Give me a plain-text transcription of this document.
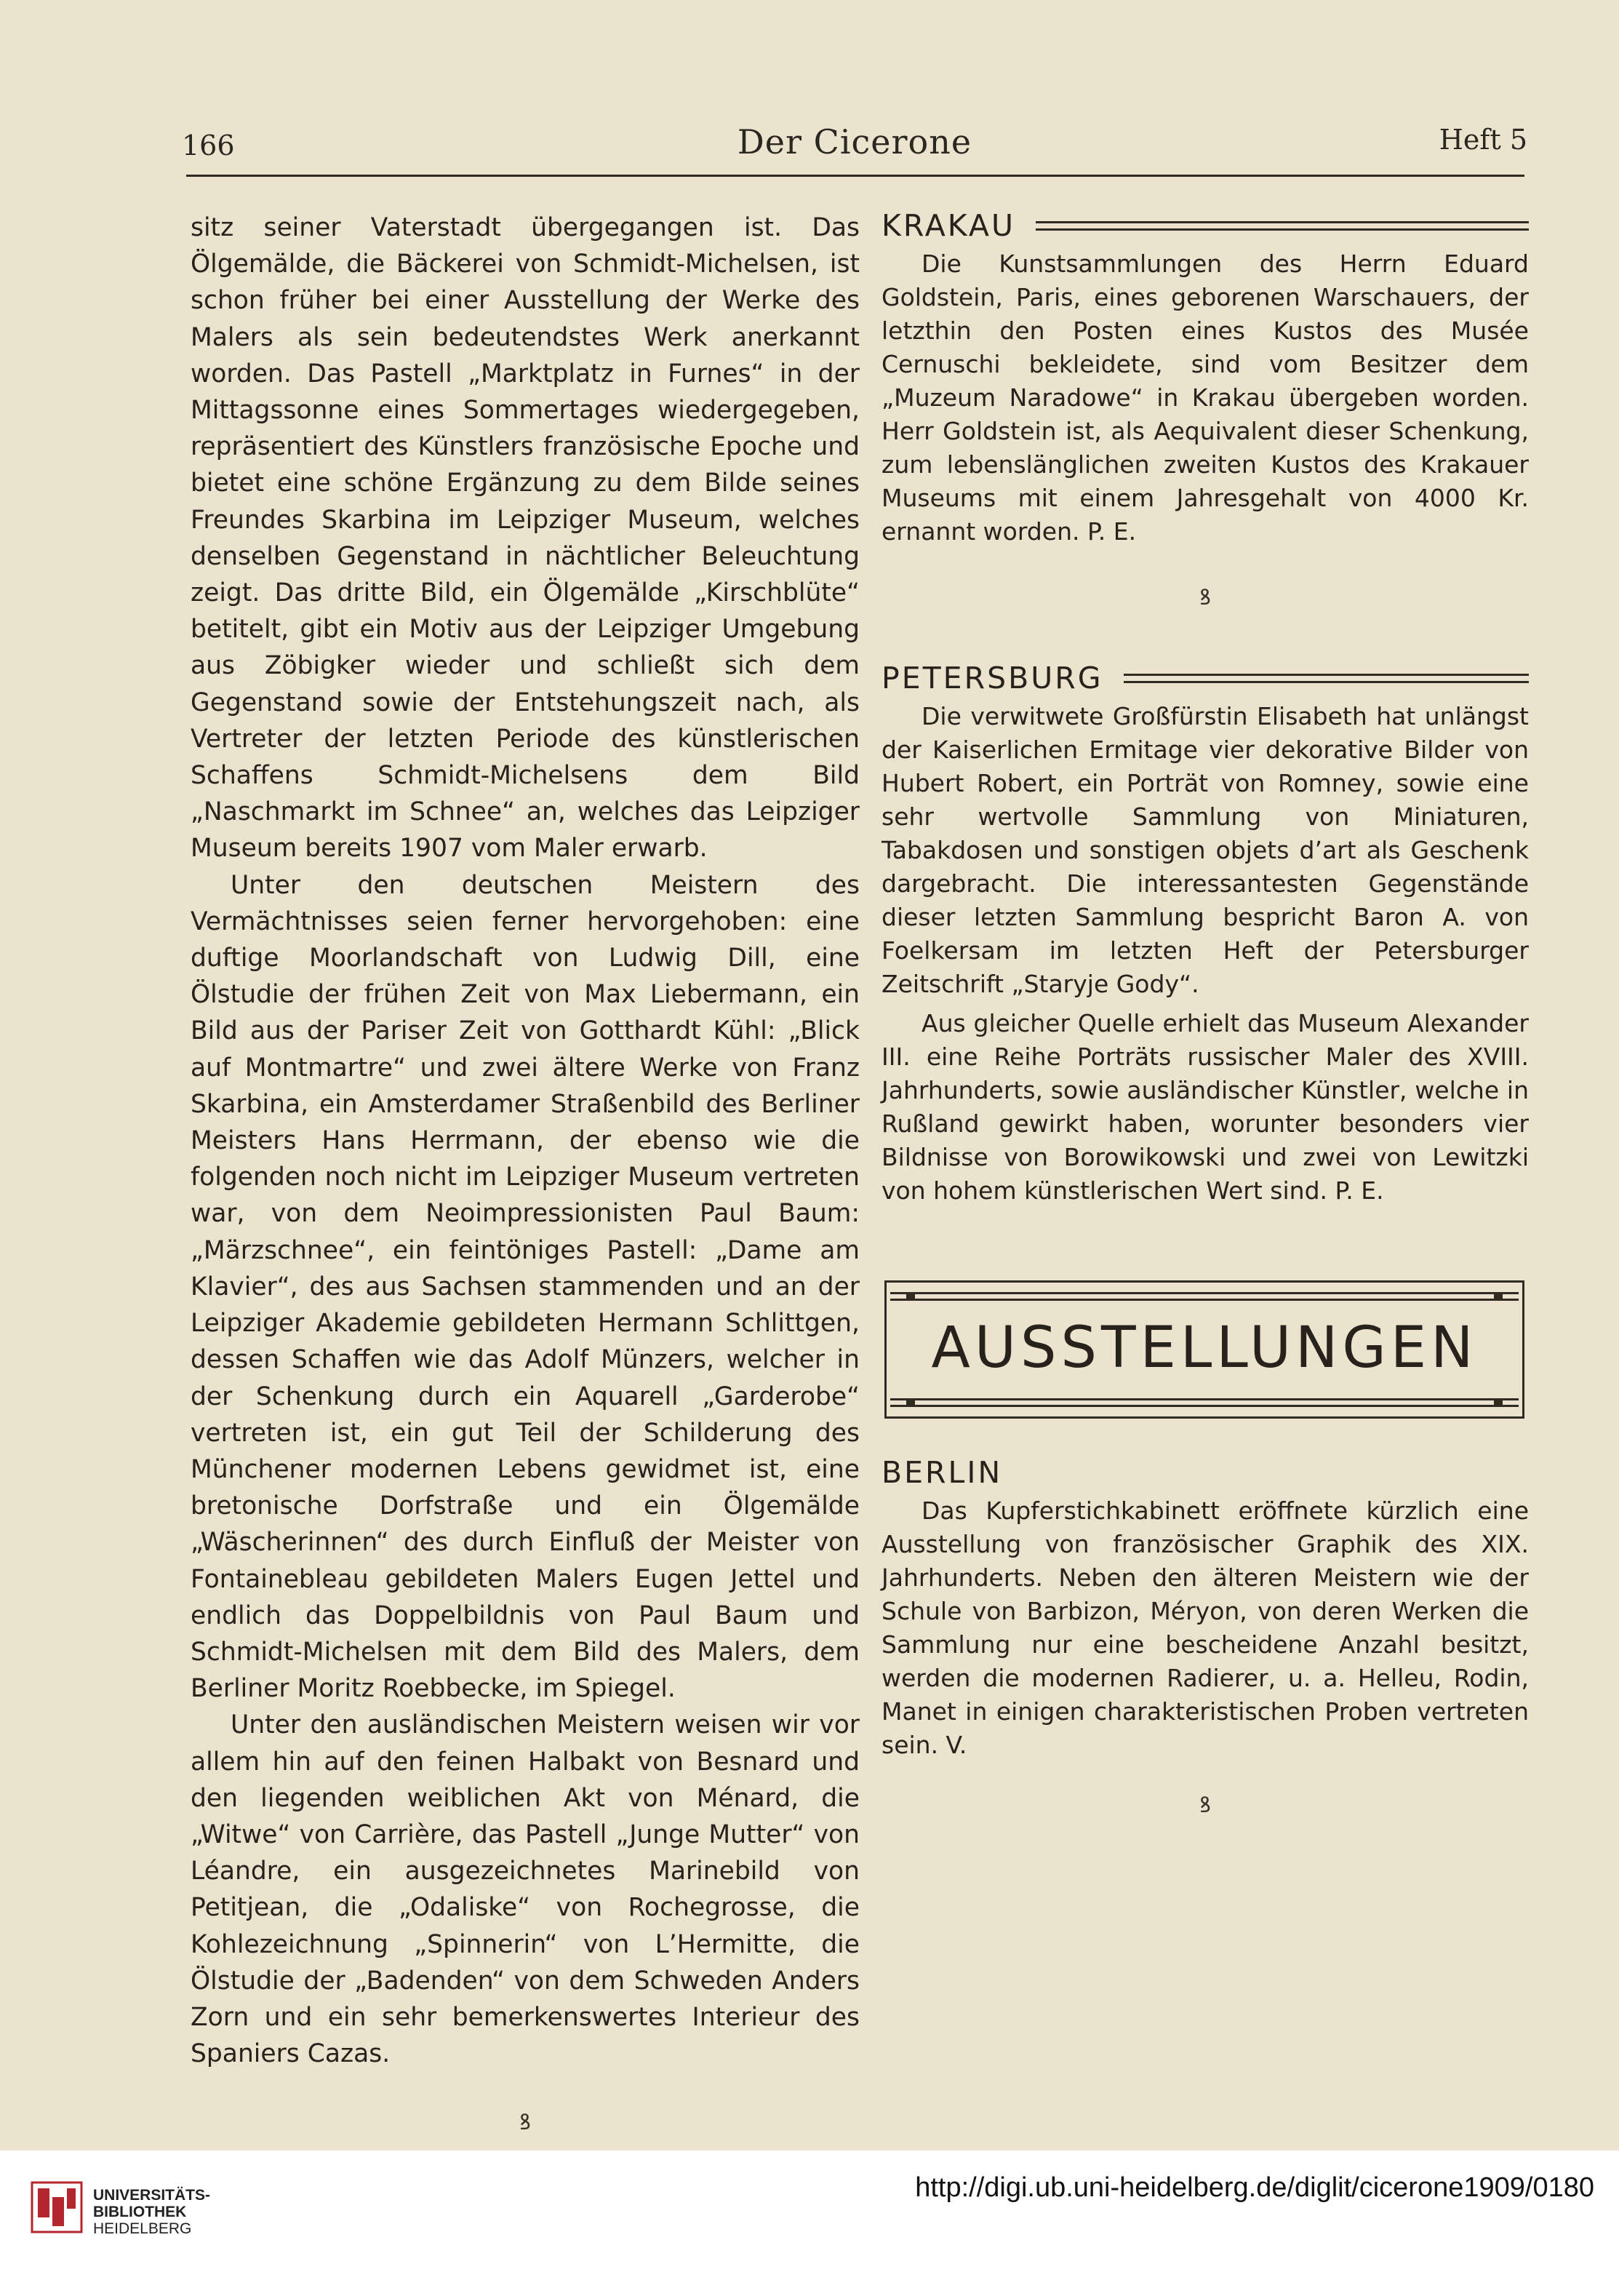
166	Der Cicerone	Heft 5

sitz seiner Vaterstadt übergegangen ist. Das Ölgemälde, die Bäckerei von Schmidt-Michelsen, ist schon früher bei einer Ausstellung der Werke des Malers als sein bedeutendstes Werk anerkannt worden. Das Pastell „Marktplatz in Furnes“ in der Mittagssonne eines Sommertages wiedergegeben, repräsentiert des Künstlers französische Epoche und bietet eine schöne Ergänzung zu dem Bilde seines Freundes Skarbina im Leipziger Museum, welches denselben Gegenstand in nächtlicher Beleuchtung zeigt. Das dritte Bild, ein Ölgemälde „Kirschblüte“ betitelt, gibt ein Motiv aus der Leipziger Umgebung aus Zöbigker wieder und schließt sich dem Gegenstand sowie der Entstehungszeit nach, als Vertreter der letzten Periode des künstlerischen Schaffens Schmidt-Michelsens dem Bild „Naschmarkt im Schnee“ an, welches das Leipziger Museum bereits 1907 vom Maler erwarb.

Unter den deutschen Meistern des Vermächtnisses seien ferner hervorgehoben: eine duftige Moorlandschaft von Ludwig Dill, eine Ölstudie der frühen Zeit von Max Liebermann, ein Bild aus der Pariser Zeit von Gotthardt Kühl: „Blick auf Montmartre“ und zwei ältere Werke von Franz Skarbina, ein Amsterdamer Straßenbild des Berliner Meisters Hans Herrmann, der ebenso wie die folgenden noch nicht im Leipziger Museum vertreten war, von dem Neoimpressionisten Paul Baum: „Märzschnee“, ein feintöniges Pastell: „Dame am Klavier“, des aus Sachsen stammenden und an der Leipziger Akademie gebildeten Hermann Schlittgen, dessen Schaffen wie das Adolf Münzers, welcher in der Schenkung durch ein Aquarell „Garderobe“ vertreten ist, ein gut Teil der Schilderung des Münchener modernen Lebens gewidmet ist, eine bretonische Dorfstraße und ein Ölgemälde „Wäscherinnen“ des durch Einfluß der Meister von Fontainebleau gebildeten Malers Eugen Jettel und endlich das Doppelbildnis von Paul Baum und Schmidt-Michelsen mit dem Bild des Malers, dem Berliner Moritz Roebbecke, im Spiegel.

Unter den ausländischen Meistern weisen wir vor allem hin auf den feinen Halbakt von Besnard und den liegenden weiblichen Akt von Ménard, die „Witwe“ von Carrière, das Pastell „Junge Mutter“ von Léandre, ein ausgezeichnetes Marinebild von Petitjean, die „Odaliske“ von Rochegrosse, die Kohlezeichnung „Spinnerin“ von L’Hermitte, die Ölstudie der „Badenden“ von dem Schweden Anders Zorn und ein sehr bemerkenswertes Interieur des Spaniers Cazas.

ꝸ
KRAKAU

Die Kunstsammlungen des Herrn Eduard Goldstein, Paris, eines geborenen Warschauers, der letzthin den Posten eines Kustos des Musée Cernuschi bekleidete, sind vom Besitzer dem „Muzeum Naradowe“ in Krakau übergeben worden. Herr Goldstein ist, als Aequivalent dieser Schenkung, zum lebenslänglichen zweiten Kustos des Krakauer Museums mit einem Jahresgehalt von 4000 Kr. ernannt worden. P. E.

ꝸ
PETERSBURG

Die verwitwete Großfürstin Elisabeth hat unlängst der Kaiserlichen Ermitage vier dekorative Bilder von Hubert Robert, ein Porträt von Romney, sowie eine sehr wertvolle Sammlung von Miniaturen, Tabakdosen und sonstigen objets d’art als Geschenk dargebracht. Die interessantesten Gegenstände dieser letzten Sammlung bespricht Baron A. von Foelkersam im letzten Heft der Petersburger Zeitschrift „Staryje Gody“.

Aus gleicher Quelle erhielt das Museum Alexander III. eine Reihe Porträts russischer Maler des XVIII. Jahrhunderts, sowie ausländischer Künstler, welche in Rußland gewirkt haben, worunter besonders vier Bildnisse von Borowikowski und zwei von Lewitzki von hohem künstlerischen Wert sind. P. E.

AUSSTELLUNGEN
BERLIN

Das Kupferstichkabinett eröffnete kürzlich eine Ausstellung von französischer Graphik des XIX. Jahrhunderts. Neben den älteren Meistern wie der Schule von Barbizon, Méryon, von deren Werken die Sammlung nur eine bescheidene Anzahl besitzt, werden die modernen Radierer, u. a. Helleu, Rodin, Manet in einigen charakteristischen Proben vertreten sein. V.

ꝸ
UNIVERSITÄTS-
BIBLIOTHEK
HEIDELBERG
http://digi.ub.uni-heidelberg.de/diglit/cicerone1909/0180
